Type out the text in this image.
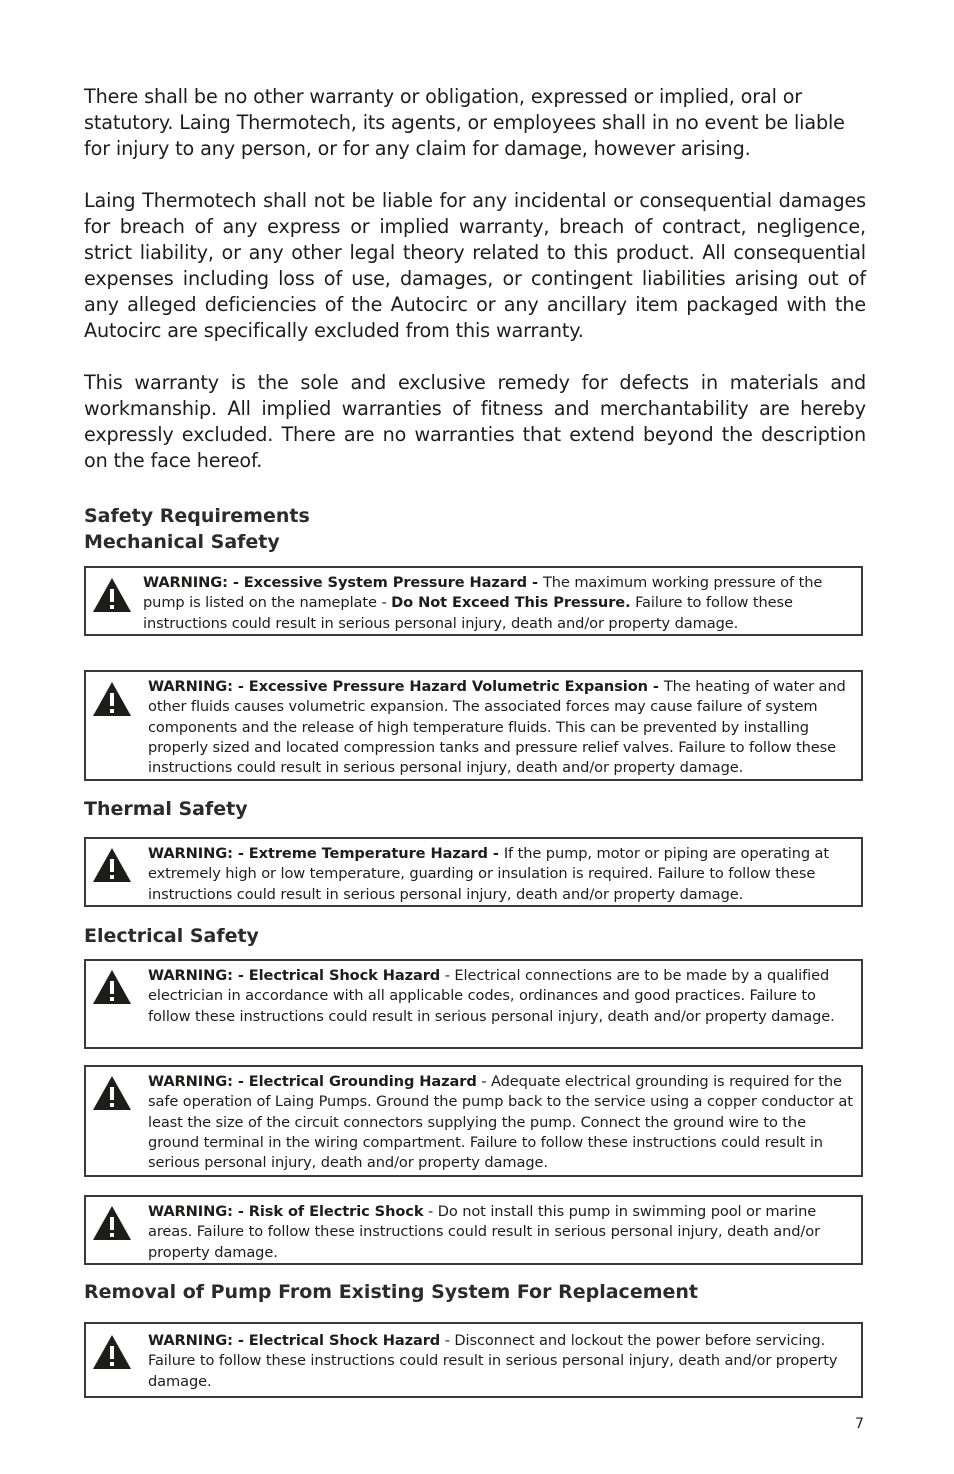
There shall be no other warranty or obligation, expressed or implied, oral or statutory. Laing Thermotech, its agents, or employees shall in no event be liable for injury to any person, or for any claim for damage, however arising.

Laing Thermotech shall not be liable for any incidental or consequential damages for breach of any express or implied warranty, breach of contract, negligence, strict liability, or any other legal theory related to this product. All consequential expenses including loss of use, damages, or contingent liabilities arising out of any alleged deficiencies of the Autocirc or any ancillary item packaged with the Autocirc are specifically excluded from this warranty.

This warranty is the sole and exclusive remedy for defects in materials and workmanship. All implied warranties of fitness and merchantability are hereby expressly excluded. There are no warranties that extend beyond the description on the face hereof.

Safety Requirements
Mechanical Safety
WARNING: - Excessive System Pressure Hazard - The maximum working pressure of the pump is listed on the nameplate - Do Not Exceed This Pressure. Failure to follow these instructions could result in serious personal injury, death and/or property damage.
WARNING: - Excessive Pressure Hazard Volumetric Expansion - The heating of water and other fluids causes volumetric expansion. The associated forces may cause failure of system components and the release of high temperature fluids. This can be prevented by installing properly sized and located compression tanks and pressure relief valves. Failure to follow these instructions could result in serious personal injury, death and/or property damage.
Thermal Safety
WARNING: - Extreme Temperature Hazard - If the pump, motor or piping are operating at extremely high or low temperature, guarding or insulation is required. Failure to follow these instructions could result in serious personal injury, death and/or property damage.
Electrical Safety
WARNING: - Electrical Shock Hazard - Electrical connections are to be made by a qualified electrician in accordance with all applicable codes, ordinances and good practices. Failure to follow these instructions could result in serious personal injury, death and/or property damage.
WARNING: - Electrical Grounding Hazard - Adequate electrical grounding is required for the safe operation of Laing Pumps. Ground the pump back to the service using a copper conductor at least the size of the circuit connectors supplying the pump. Connect the ground wire to the ground terminal in the wiring compartment. Failure to follow these instructions could result in serious personal injury, death and/or property damage.
WARNING: - Risk of Electric Shock - Do not install this pump in swimming pool or marine areas. Failure to follow these instructions could result in serious personal injury, death and/or property damage.
Removal of Pump From Existing System For Replacement
WARNING: - Electrical Shock Hazard - Disconnect and lockout the power before servicing. Failure to follow these instructions could result in serious personal injury, death and/or property damage.
7
